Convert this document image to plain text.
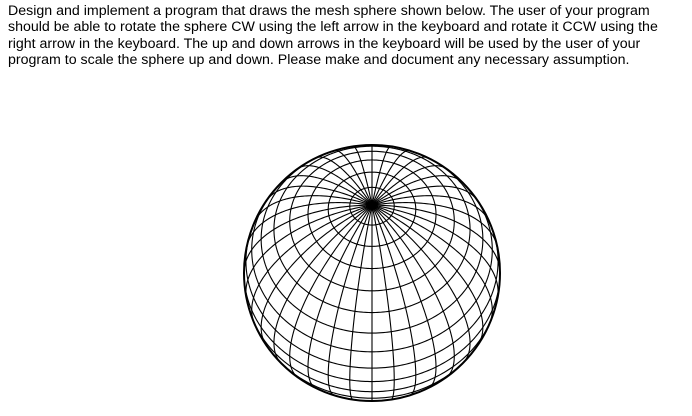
Design and implement a program that draws the mesh sphere shown below. The user of your program
should be able to rotate the sphere CW using the left arrow in the keyboard and rotate it CCW using the
right arrow in the keyboard. The up and down arrows in the keyboard will be used by the user of your
program to scale the sphere up and down. Please make and document any necessary assumption.
